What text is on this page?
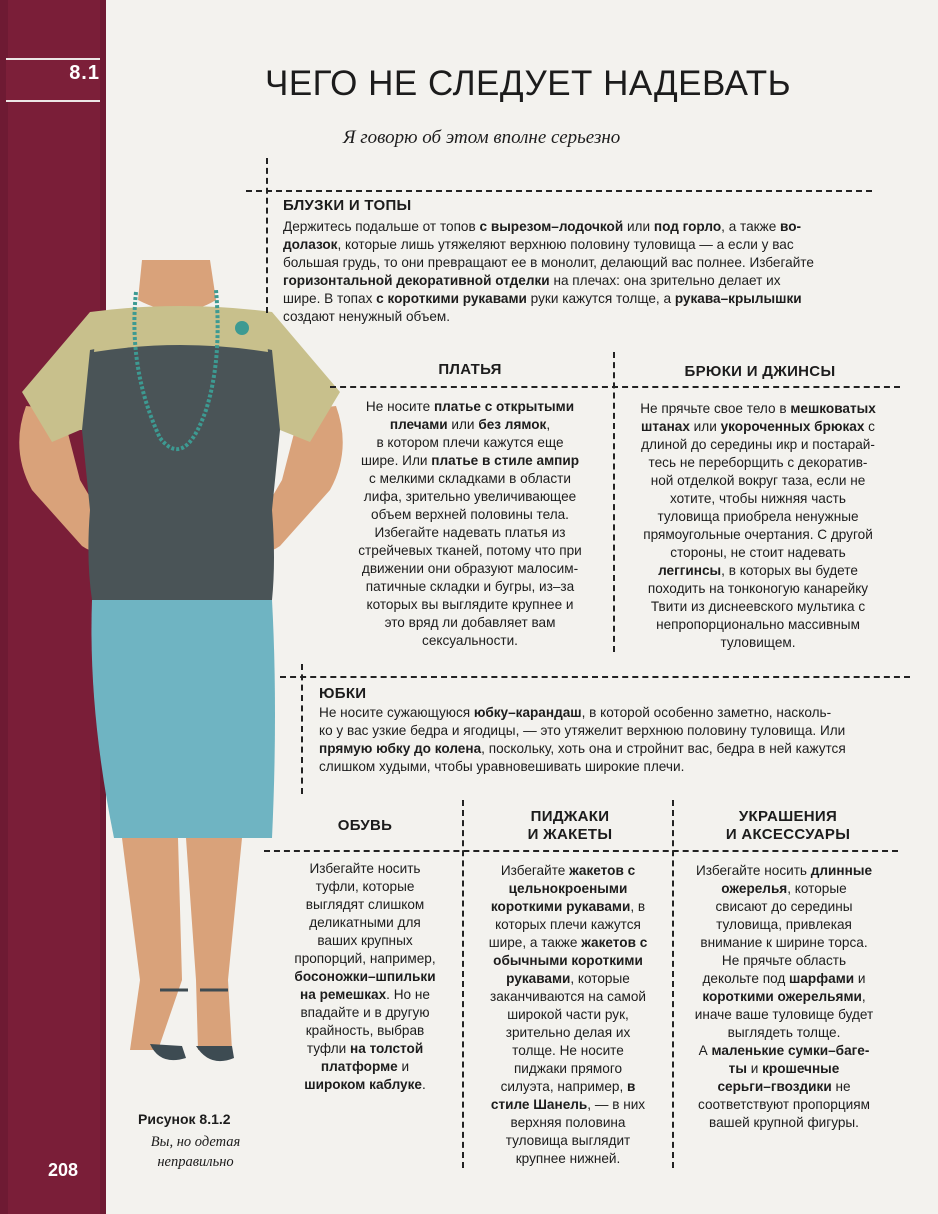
8.1
208
ЧЕГО НЕ СЛЕДУЕТ НАДЕВАТЬ
Я говорю об этом вполне серьезно
БЛУЗКИ И ТОПЫ
Держитесь подальше от топов с вырезом–лодочкой или под горло, а также во-
долазок, которые лишь утяжеляют верхнюю половину туловища — а если у вас
большая грудь, то они превращают ее в монолит, делающий вас полнее. Избегайте
горизонтальной декоративной отделки на плечах: она зрительно делает их
шире. В топах с короткими рукавами руки кажутся толще, а рукава–крылышки
создают ненужный объем.
ПЛАТЬЯ
Не носите платье с открытыми
плечами или без лямок,
в котором плечи кажутся еще
шире. Или платье в стиле ампир
с мелкими складками в области
лифа, зрительно увеличивающее
объем верхней половины тела.
Избегайте надевать платья из
стрейчевых тканей, потому что при
движении они образуют малосим-
патичные складки и бугры, из–за
которых вы выглядите крупнее и
это вряд ли добавляет вам
сексуальности.
БРЮКИ И ДЖИНСЫ
Не прячьте свое тело в мешковатых
штанах или укороченных брюках с
длиной до середины икр и постарай-
тесь не переборщить с декоратив-
ной отделкой вокруг таза, если не
хотите, чтобы нижняя часть
туловища приобрела ненужные
прямоугольные очертания. С другой
стороны, не стоит надевать
леггинсы, в которых вы будете
походить на тонконогую канарейку
Твити из диснеевского мультика с
непропорционально массивным
туловищем.
ЮБКИ
Не носите сужающуюся юбку–карандаш, в которой особенно заметно, насколь-
ко у вас узкие бедра и ягодицы, — это утяжелит верхнюю половину туловища. Или
прямую юбку до колена, поскольку, хоть она и стройнит вас, бедра в ней кажутся
слишком худыми, чтобы уравновешивать широкие плечи.
ОБУВЬ
Избегайте носить
туфли, которые
выглядят слишком
деликатными для
ваших крупных
пропорций, например,
босоножки–шпильки
на ремешках. Но не
впадайте и в другую
крайность, выбрав
туфли на толстой
платформе и
широком каблуке.
ПИДЖАКИ
И ЖАКЕТЫ
Избегайте жакетов с
цельнокроеными
короткими рукавами, в
которых плечи кажутся
шире, а также жакетов с
обычными короткими
рукавами, которые
заканчиваются на самой
широкой части рук,
зрительно делая их
толще. Не носите
пиджаки прямого
силуэта, например, в
стиле Шанель, — в них
верхняя половина
туловища выглядит
крупнее нижней.
УКРАШЕНИЯ
И АКСЕССУАРЫ
Избегайте носить длинные
ожерелья, которые
свисают до середины
туловища, привлекая
внимание к ширине торса.
Не прячьте область
декольте под шарфами и
короткими ожерельями,
иначе ваше туловище будет
выглядеть толще.
А маленькие сумки–баге-
ты и крошечные
серьги–гвоздики не
соответствуют пропорциям
вашей крупной фигуры.
Рисунок 8.1.2
Вы, но одетая неправильно
